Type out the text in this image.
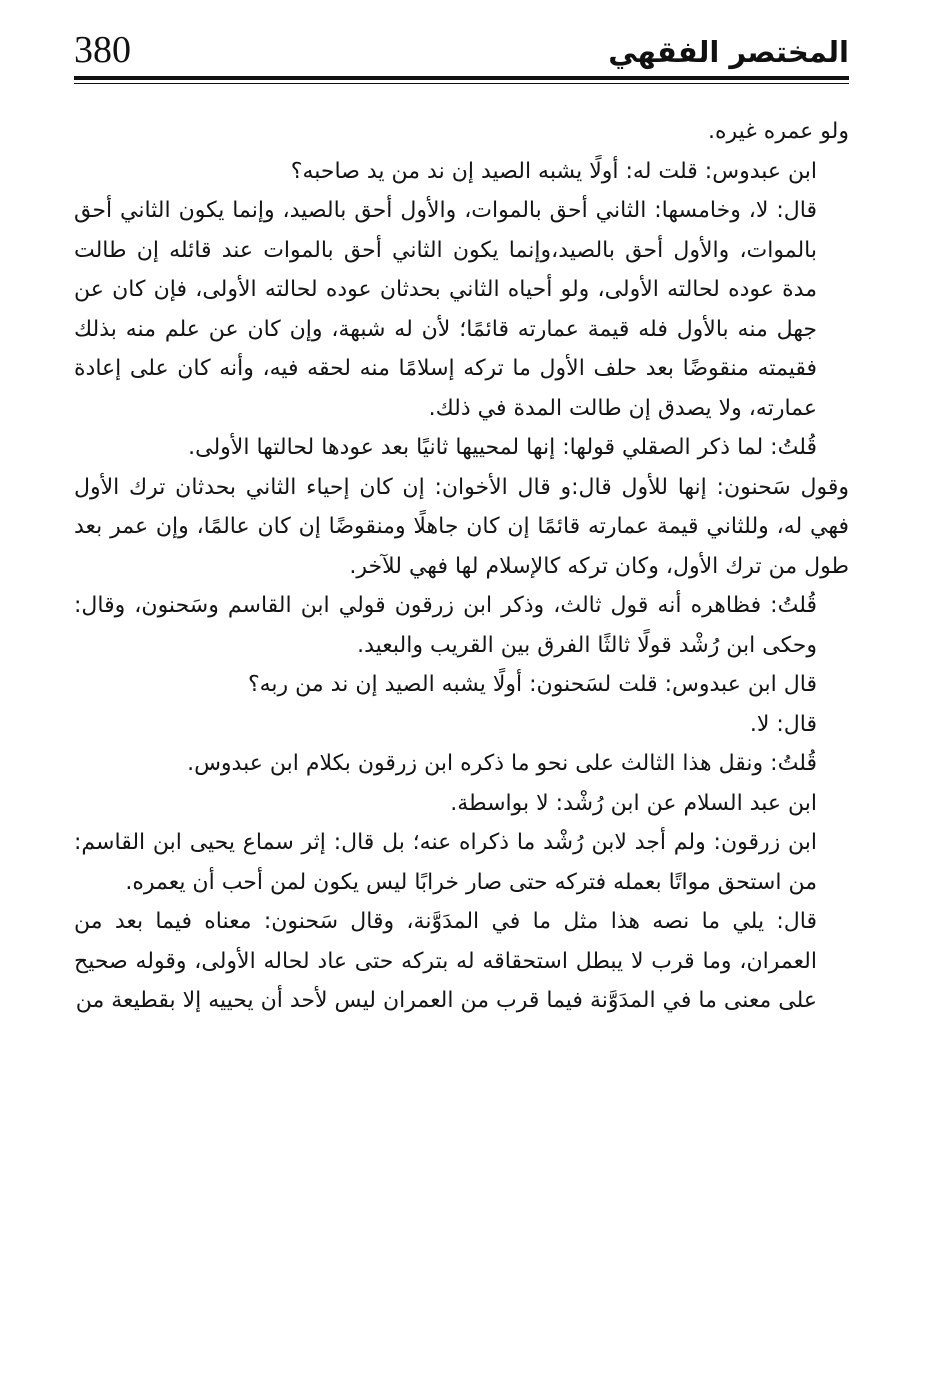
380	المختصر الفقهي

ولو عمره غيره.

ابن عبدوس: قلت له: أولًا يشبه الصيد إن ند من يد صاحبه؟

قال: لا، وخامسها: الثاني أحق بالموات، والأول أحق بالصيد، وإنما يكون الثاني أحق بالموات، والأول أحق بالصيد،وإنما يكون الثاني أحق بالموات عند قائله إن طالت مدة عوده لحالته الأولى، ولو أحياه الثاني بحدثان عوده لحالته الأولى، فإن كان عن جهل منه بالأول فله قيمة عمارته قائمًا؛ لأن له شبهة، وإن كان عن علم منه بذلك فقيمته منقوضًا بعد حلف الأول ما تركه إسلامًا منه لحقه فيه، وأنه كان على إعادة عمارته، ولا يصدق إن طالت المدة في ذلك.

قُلتُ: لما ذكر الصقلي قولها: إنها لمحييها ثانيًا بعد عودها لحالتها الأولى.

وقول سَحنون: إنها للأول قال:و قال الأخوان: إن كان إحياء الثاني بحدثان ترك الأول فهي له، وللثاني قيمة عمارته قائمًا إن كان جاهلًا ومنقوضًا إن كان عالمًا، وإن عمر بعد طول من ترك الأول، وكان تركه كالإسلام لها فهي للآخر.

قُلتُ: فظاهره أنه قول ثالث، وذكر ابن زرقون قولي ابن القاسم وسَحنون، وقال: وحكى ابن رُشْد قولًا ثالثًا الفرق بين القريب والبعيد.

قال ابن عبدوس: قلت لسَحنون: أولًا يشبه الصيد إن ند من ربه؟

قال: لا.

قُلتُ: ونقل هذا الثالث على نحو ما ذكره ابن زرقون بكلام ابن عبدوس.

ابن عبد السلام عن ابن رُشْد: لا بواسطة.

ابن زرقون: ولم أجد لابن رُشْد ما ذكراه عنه؛ بل قال: إثر سماع يحيى ابن القاسم: من استحق مواتًا بعمله فتركه حتى صار خرابًا ليس يكون لمن أحب أن يعمره.

قال: يلي ما نصه هذا مثل ما في المدَوَّنة، وقال سَحنون: معناه فيما بعد من العمران، وما قرب لا يبطل استحقاقه له بتركه حتى عاد لحاله الأولى، وقوله صحيح على معنى ما في المدَوَّنة فيما قرب من العمران ليس لأحد أن يحييه إلا بقطيعة من
